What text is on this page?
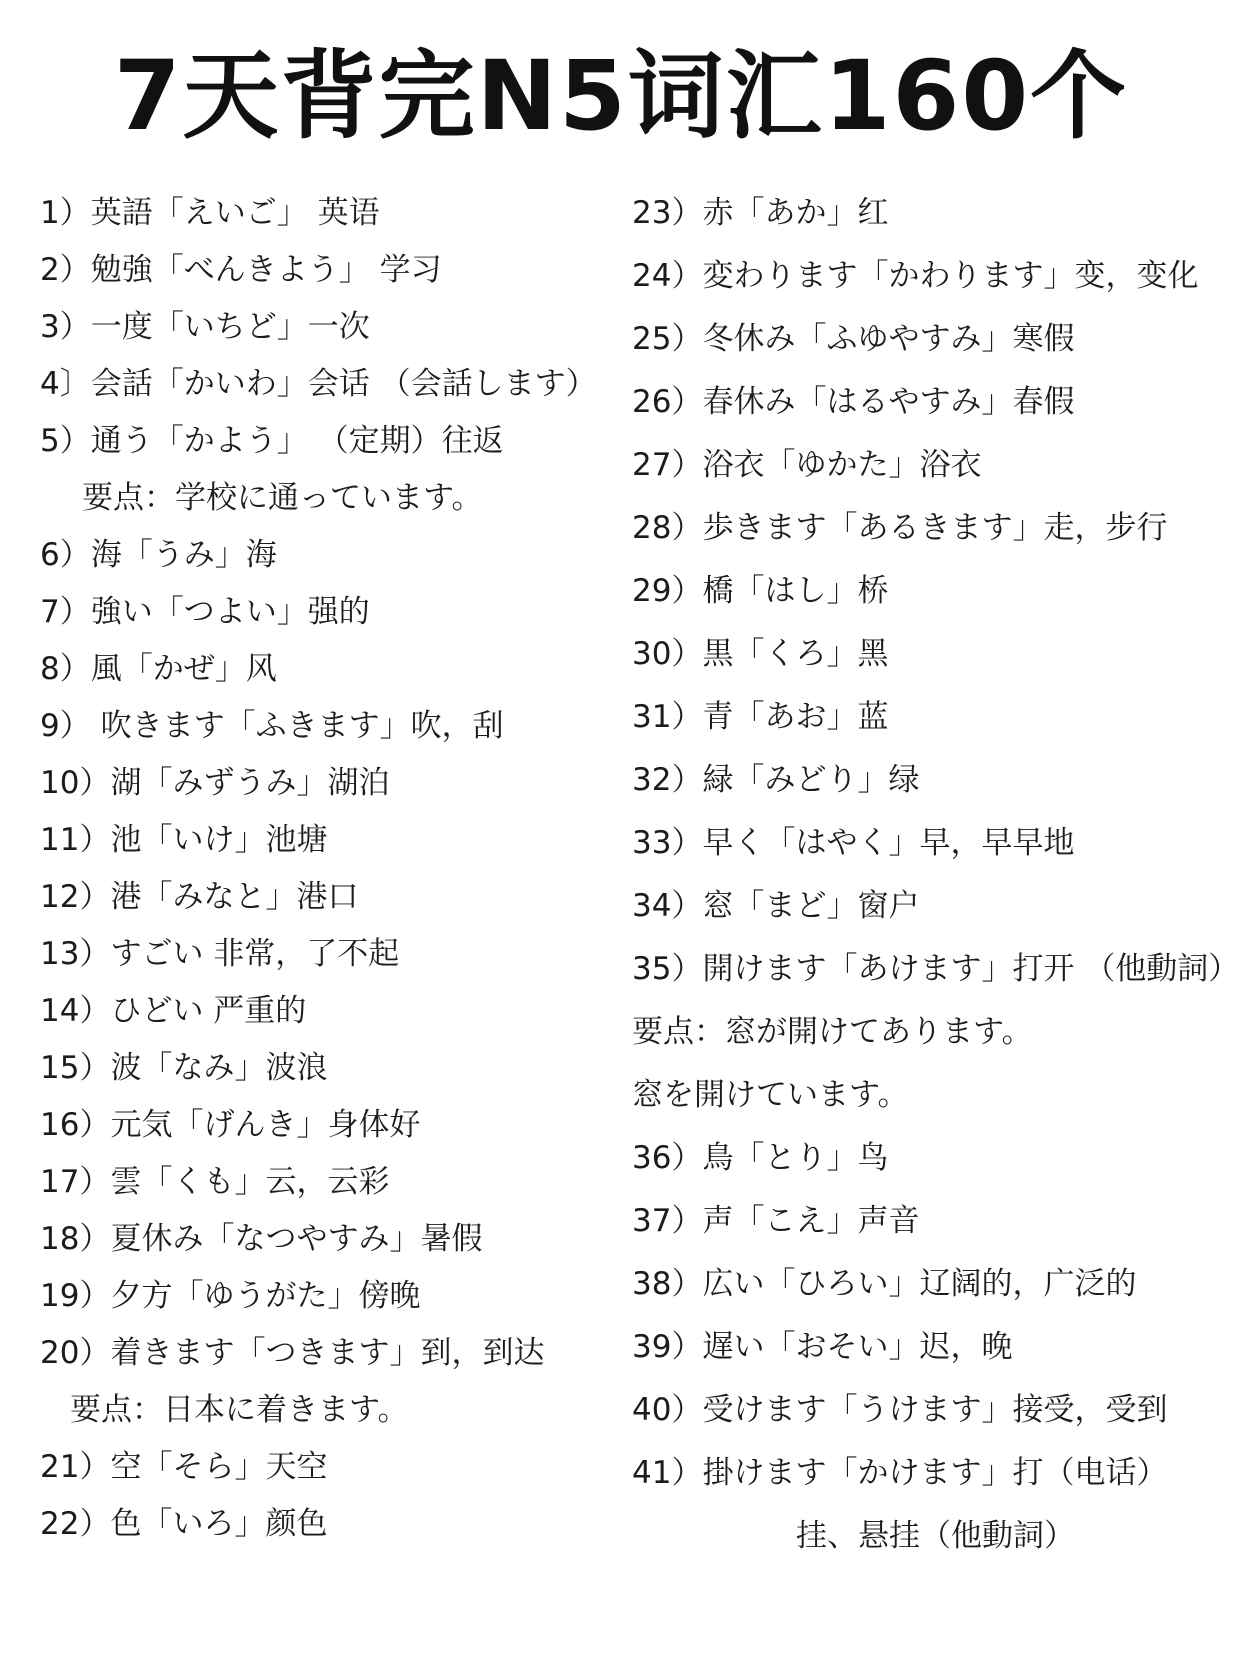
7天背完N5词汇160个
1）英語「えいご」 英语
2）勉強「べんきよう」 学习
3）一度「いちど」一次
4〕会話「かいわ」会话 （会話します）
5）通う「かよう」 （定期）往返
要点：学校に通っています。
6）海「うみ」海
7）強い「つよい」强的
8）風「かぜ」风
9） 吹きます「ふきます」吹，刮
10）湖「みずうみ」湖泊
11）池「いけ」池塘
12）港「みなと」港口
13）すごい 非常，了不起
14）ひどい 严重的
15）波「なみ」波浪
16）元気「げんき」身体好
17）雲「くも」云，云彩
18）夏休み「なつやすみ」暑假
19）夕方「ゆうがた」傍晚
20）着きます「つきます」到，到达
要点：日本に着きます。
21）空「そら」天空
22）色「いろ」颜色
23）赤「あか」红
24）変わります「かわります」变，变化
25）冬休み「ふゆやすみ」寒假
26）春休み「はるやすみ」春假
27）浴衣「ゆかた」浴衣
28）歩きます「あるきます」走，步行
29）橋「はし」桥
30）黒「くろ」黑
31）青「あお」蓝
32）緑「みどり」绿
33）早く「はやく」早，早早地
34）窓「まど」窗户
35）開けます「あけます」打开 （他動詞）
要点：窓が開けてあります。
窓を開けています。
36）鳥「とり」鸟
37）声「こえ」声音
38）広い「ひろい」辽阔的，广泛的
39）遅い「おそい」迟，晚
40）受けます「うけます」接受，受到
41）掛けます「かけます」打（电话）
挂、悬挂（他動詞）
